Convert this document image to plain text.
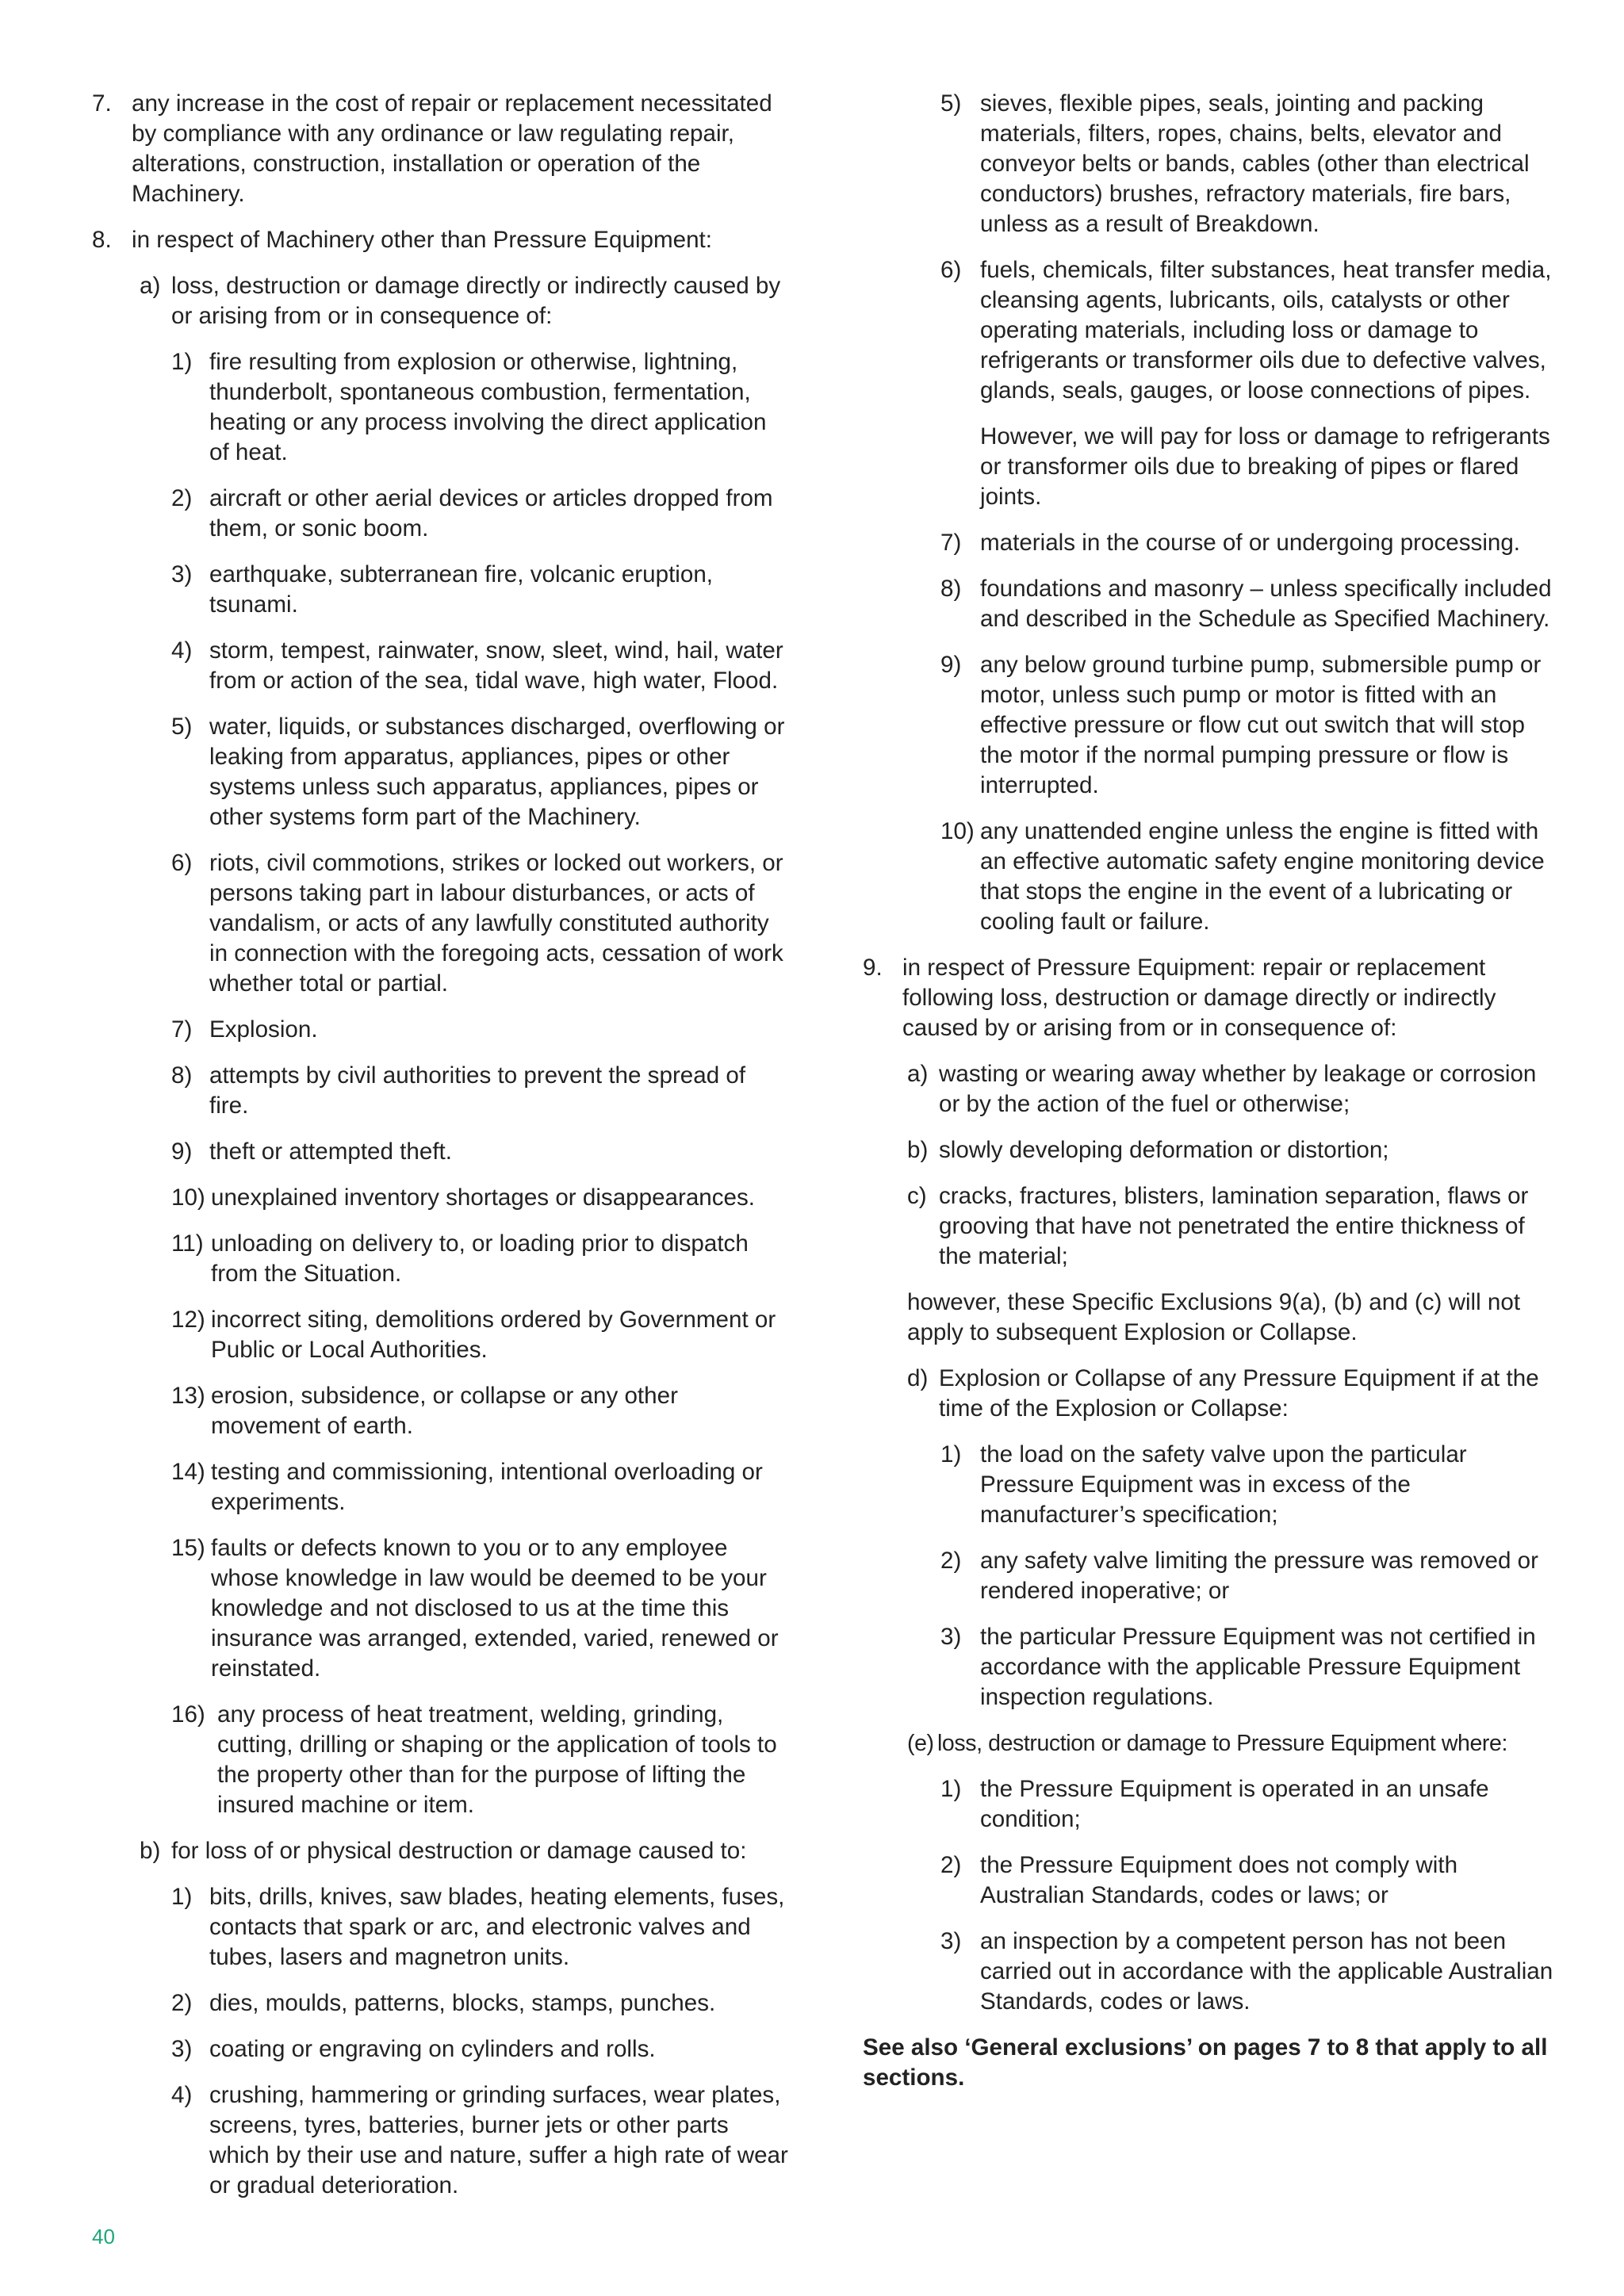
7. any increase in the cost of repair or replacement necessitated by compliance with any ordinance or law regulating repair, alterations, construction, installation or operation of the Machinery.
8. in respect of Machinery other than Pressure Equipment:
a) loss, destruction or damage directly or indirectly caused by or arising from or in consequence of:
1) fire resulting from explosion or otherwise, lightning, thunderbolt, spontaneous combustion, fermentation, heating or any process involving the direct application of heat.
2) aircraft or other aerial devices or articles dropped from them, or sonic boom.
3) earthquake, subterranean fire, volcanic eruption, tsunami.
4) storm, tempest, rainwater, snow, sleet, wind, hail, water from or action of the sea, tidal wave, high water, Flood.
5) water, liquids, or substances discharged, overflowing or leaking from apparatus, appliances, pipes or other systems unless such apparatus, appliances, pipes or other systems form part of the Machinery.
6) riots, civil commotions, strikes or locked out workers, or persons taking part in labour disturbances, or acts of vandalism, or acts of any lawfully constituted authority in connection with the foregoing acts, cessation of work whether total or partial.
7) Explosion.
8) attempts by civil authorities to prevent the spread of fire.
9) theft or attempted theft.
10) unexplained inventory shortages or disappearances.
11) unloading on delivery to, or loading prior to dispatch from the Situation.
12) incorrect siting, demolitions ordered by Government or Public or Local Authorities.
13) erosion, subsidence, or collapse or any other movement of earth.
14) testing and commissioning, intentional overloading or experiments.
15) faults or defects known to you or to any employee whose knowledge in law would be deemed to be your knowledge and not disclosed to us at the time this insurance was arranged, extended, varied, renewed or reinstated.
16) any process of heat treatment, welding, grinding, cutting, drilling or shaping or the application of tools to the property other than for the purpose of lifting the insured machine or item.
b) for loss of or physical destruction or damage caused to:
1) bits, drills, knives, saw blades, heating elements, fuses, contacts that spark or arc, and electronic valves and tubes, lasers and magnetron units.
2) dies, moulds, patterns, blocks, stamps, punches.
3) coating or engraving on cylinders and rolls.
4) crushing, hammering or grinding surfaces, wear plates, screens, tyres, batteries, burner jets or other parts which by their use and nature, suffer a high rate of wear or gradual deterioration.
5) sieves, flexible pipes, seals, jointing and packing materials, filters, ropes, chains, belts, elevator and conveyor belts or bands, cables (other than electrical conductors) brushes, refractory materials, fire bars, unless as a result of Breakdown.
6) fuels, chemicals, filter substances, heat transfer media, cleansing agents, lubricants, oils, catalysts or other operating materials, including loss or damage to refrigerants or transformer oils due to defective valves, glands, seals, gauges, or loose connections of pipes.
However, we will pay for loss or damage to refrigerants or transformer oils due to breaking of pipes or flared joints.
7) materials in the course of or undergoing processing.
8) foundations and masonry – unless specifically included and described in the Schedule as Specified Machinery.
9) any below ground turbine pump, submersible pump or motor, unless such pump or motor is fitted with an effective pressure or flow cut out switch that will stop the motor if the normal pumping pressure or flow is interrupted.
10) any unattended engine unless the engine is fitted with an effective automatic safety engine monitoring device that stops the engine in the event of a lubricating or cooling fault or failure.
9. in respect of Pressure Equipment: repair or replacement following loss, destruction or damage directly or indirectly caused by or arising from or in consequence of:
a) wasting or wearing away whether by leakage or corrosion or by the action of the fuel or otherwise;
b) slowly developing deformation or distortion;
c) cracks, fractures, blisters, lamination separation, flaws or grooving that have not penetrated the entire thickness of the material;
however, these Specific Exclusions 9(a), (b) and (c) will not apply to subsequent Explosion or Collapse.
d) Explosion or Collapse of any Pressure Equipment if at the time of the Explosion or Collapse:
1) the load on the safety valve upon the particular Pressure Equipment was in excess of the manufacturer’s specification;
2) any safety valve limiting the pressure was removed or rendered inoperative; or
3) the particular Pressure Equipment was not certified in accordance with the applicable Pressure Equipment inspection regulations.
(e) loss, destruction or damage to Pressure Equipment where:
1) the Pressure Equipment is operated in an unsafe condition;
2) the Pressure Equipment does not comply with Australian Standards, codes or laws; or
3) an inspection by a competent person has not been carried out in accordance with the applicable Australian Standards, codes or laws.
See also ‘General exclusions’ on pages 7 to 8 that apply to all sections.
40
